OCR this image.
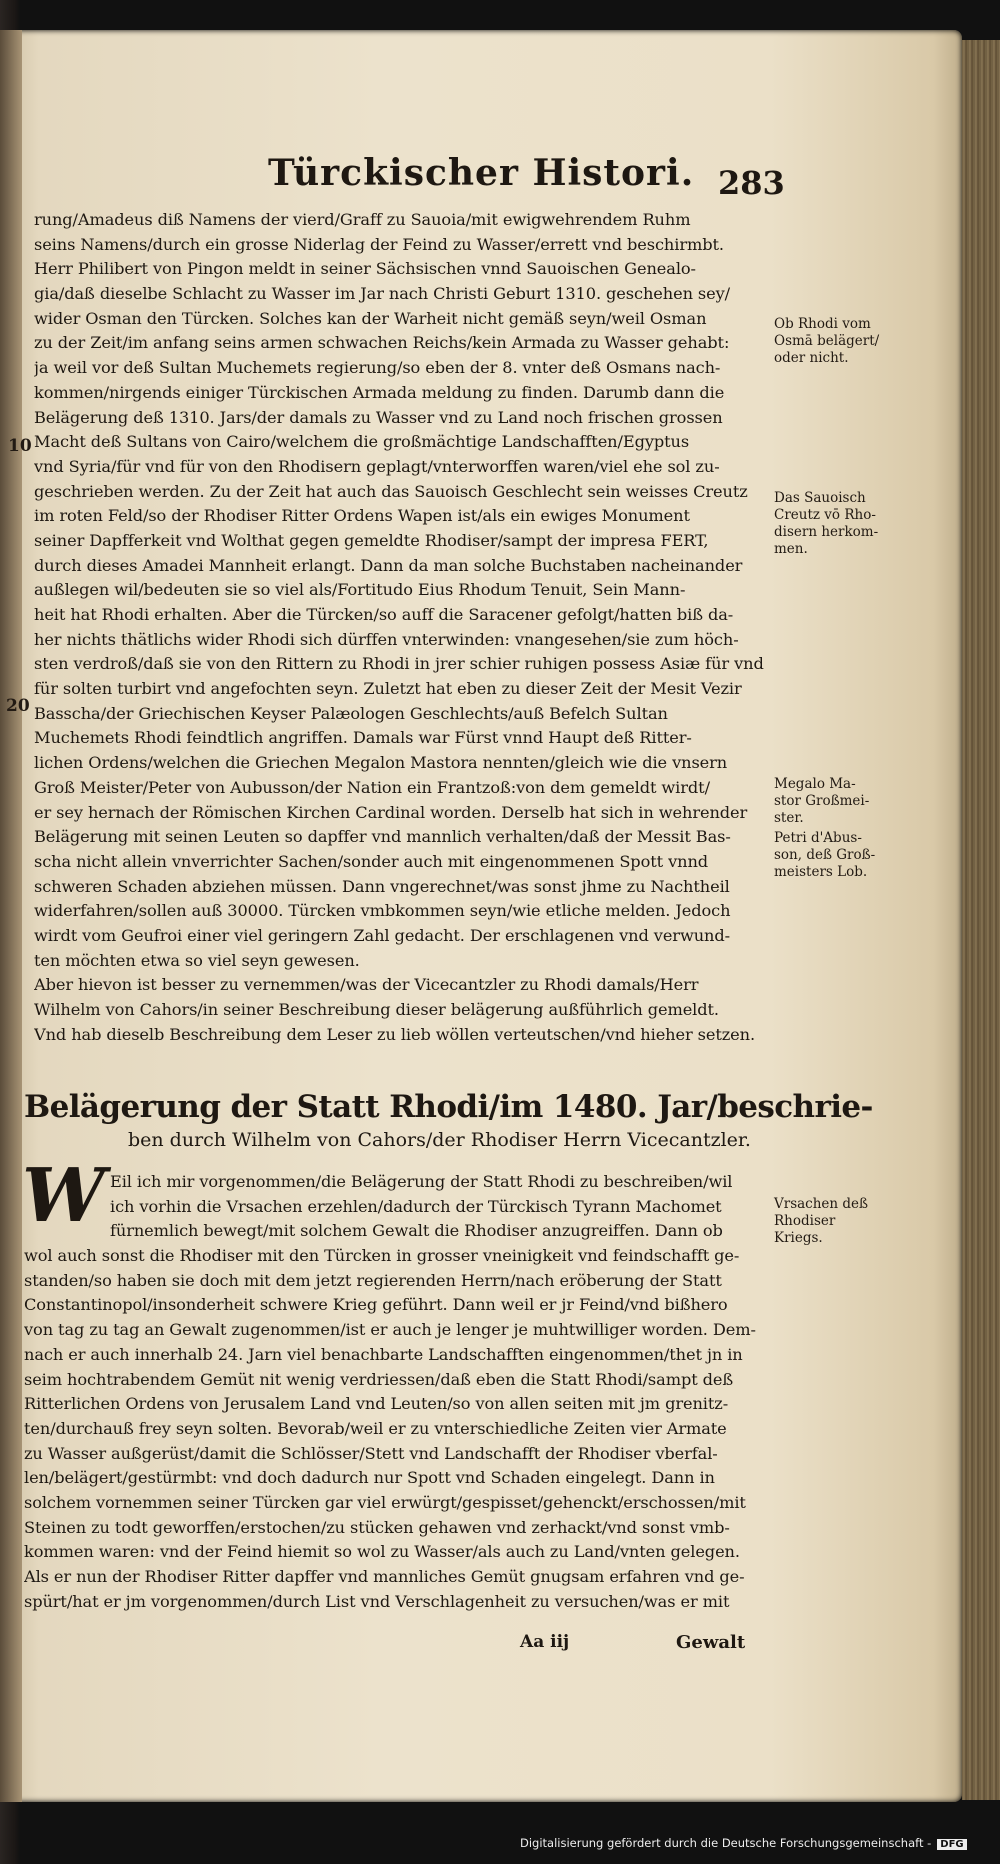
Türckischer Histori. 283
rung/Amadeus diß Namens der vierd/Graff zu Sauoia/mit ewigwehrendem Ruhm
seins Namens/durch ein grosse Niderlag der Feind zu Wasser/errett vnd beschirmbt.
Herr Philibert von Pingon meldt in seiner Sächsischen vnnd Sauoischen Genealo-
gia/daß dieselbe Schlacht zu Wasser im Jar nach Christi Geburt 1310. geschehen sey/
wider Osman den Türcken. Solches kan der Warheit nicht gemäß seyn/weil Osman
zu der Zeit/im anfang seins armen schwachen Reichs/kein Armada zu Wasser gehabt:
ja weil vor deß Sultan Muchemets regierung/so eben der 8. vnter deß Osmans nach-
kommen/nirgends einiger Türckischen Armada meldung zu finden. Darumb dann die
Belägerung deß 1310. Jars/der damals zu Wasser vnd zu Land noch frischen grossen
Macht deß Sultans von Cairo/welchem die großmächtige Landschafften/Egyptus
vnd Syria/für vnd für von den Rhodisern geplagt/vnterworffen waren/viel ehe sol zu-
geschrieben werden. Zu der Zeit hat auch das Sauoisch Geschlecht sein weisses Creutz
im roten Feld/so der Rhodiser Ritter Ordens Wapen ist/als ein ewiges Monument
seiner Dapfferkeit vnd Wolthat gegen gemeldte Rhodiser/sampt der impresa FERT,
durch dieses Amadei Mannheit erlangt. Dann da man solche Buchstaben nacheinander
außlegen wil/bedeuten sie so viel als/Fortitudo Eius Rhodum Tenuit, Sein Mann-
heit hat Rhodi erhalten. Aber die Türcken/so auff die Saracener gefolgt/hatten biß da-
her nichts thätlichs wider Rhodi sich dürffen vnterwinden: vnangesehen/sie zum höch-
sten verdroß/daß sie von den Rittern zu Rhodi in jrer schier ruhigen possess Asiæ für vnd
für solten turbirt vnd angefochten seyn. Zuletzt hat eben zu dieser Zeit der Mesit Vezir
Basscha/der Griechischen Keyser Palæologen Geschlechts/auß Befelch Sultan
Muchemets Rhodi feindtlich angriffen. Damals war Fürst vnnd Haupt deß Ritter-
lichen Ordens/welchen die Griechen Megalon Mastora nennten/gleich wie die vnsern
Groß Meister/Peter von Aubusson/der Nation ein Frantzoß:von dem gemeldt wirdt/
er sey hernach der Römischen Kirchen Cardinal worden. Derselb hat sich in wehrender
Belägerung mit seinen Leuten so dapffer vnd mannlich verhalten/daß der Messit Bas-
scha nicht allein vnverrichter Sachen/sonder auch mit eingenommenen Spott vnnd
schweren Schaden abziehen müssen. Dann vngerechnet/was sonst jhme zu Nachtheil
widerfahren/sollen auß 30000. Türcken vmbkommen seyn/wie etliche melden. Jedoch
wirdt vom Geufroi einer viel geringern Zahl gedacht. Der erschlagenen vnd verwund-
ten möchten etwa so viel seyn gewesen.
Aber hievon ist besser zu vernemmen/was der Vicecantzler zu Rhodi damals/Herr
Wilhelm von Cahors/in seiner Beschreibung dieser belägerung außführlich gemeldt.
Vnd hab dieselb Beschreibung dem Leser zu lieb wöllen verteutschen/vnd hieher setzen.
Belägerung der Statt Rhodi/im 1480. Jar/beschrie-
ben durch Wilhelm von Cahors/der Rhodiser Herrn Vicecantzler.
W Eil ich mir vorgenommen/die Belägerung der Statt Rhodi zu beschreiben/wil
ich vorhin die Vrsachen erzehlen/dadurch der Türckisch Tyrann Machomet
fürnemlich bewegt/mit solchem Gewalt die Rhodiser anzugreiffen. Dann ob
wol auch sonst die Rhodiser mit den Türcken in grosser vneinigkeit vnd feindschafft ge-
standen/so haben sie doch mit dem jetzt regierenden Herrn/nach eröberung der Statt
Constantinopol/insonderheit schwere Krieg geführt. Dann weil er jr Feind/vnd bißhero
von tag zu tag an Gewalt zugenommen/ist er auch je lenger je muhtwilliger worden. Dem-
nach er auch innerhalb 24. Jarn viel benachbarte Landschafften eingenommen/thet jn in
seim hochtrabendem Gemüt nit wenig verdriessen/daß eben die Statt Rhodi/sampt deß
Ritterlichen Ordens von Jerusalem Land vnd Leuten/so von allen seiten mit jm grenitz-
ten/durchauß frey seyn solten. Bevorab/weil er zu vnterschiedliche Zeiten vier Armate
zu Wasser außgerüst/damit die Schlösser/Stett vnd Landschafft der Rhodiser vberfal-
len/belägert/gestürmbt: vnd doch dadurch nur Spott vnd Schaden eingelegt. Dann in
solchem vornemmen seiner Türcken gar viel erwürgt/gespisset/gehenckt/erschossen/mit
Steinen zu todt geworffen/erstochen/zu stücken gehawen vnd zerhackt/vnd sonst vmb-
kommen waren: vnd der Feind hiemit so wol zu Wasser/als auch zu Land/vnten gelegen.
Als er nun der Rhodiser Ritter dapffer vnd mannliches Gemüt gnugsam erfahren vnd ge-
spürt/hat er jm vorgenommen/durch List vnd Verschlagenheit zu versuchen/was er mit
Ob Rhodi vom
Osmā belägert/
oder nicht.
Das Sauoisch
Creutz vō Rho-
disern herkom-
men.
Megalo Ma-
stor Großmei-
ster.
Petri d'Abus-
son, deß Groß-
meisters Lob.
Vrsachen deß
Rhodiser
Kriegs.
10
20
Aa iij	Gewalt
Digitalisierung gefördert durch die Deutsche Forschungsgemeinschaft - DFG
